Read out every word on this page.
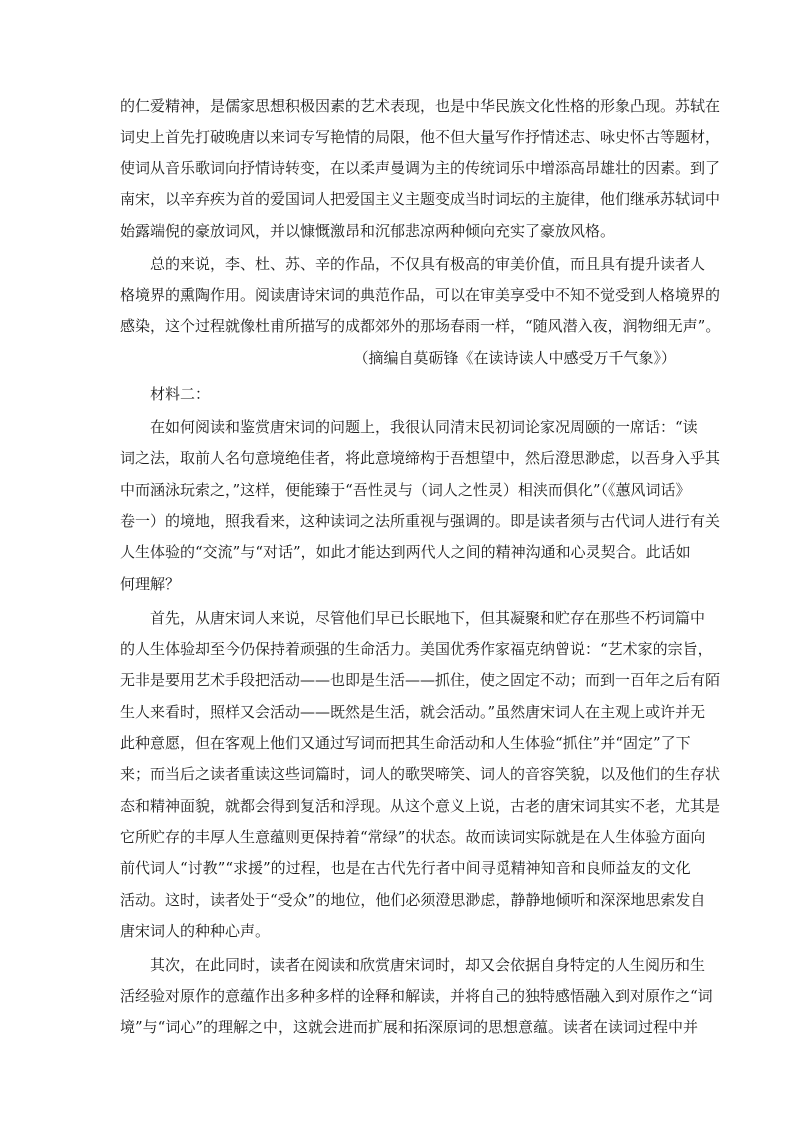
的仁爱精神，是儒家思想积极因素的艺术表现，也是中华民族文化性格的形象凸现。苏轼在
词史上首先打破晚唐以来词专写艳情的局限，他不但大量写作抒情述志、咏史怀古等题材，
使词从音乐歌词向抒情诗转变，在以柔声曼调为主的传统词乐中增添高昂雄壮的因素。到了
南宋，以辛弃疾为首的爱国词人把爱国主义主题变成当时词坛的主旋律，他们继承苏轼词中
始露端倪的豪放词风，并以慷慨激昂和沉郁悲凉两种倾向充实了豪放风格。
总的来说，李、杜、苏、辛的作品，不仅具有极高的审美价值，而且具有提升读者人
格境界的熏陶作用。阅读唐诗宋词的典范作品，可以在审美享受中不知不觉受到人格境界的
感染，这个过程就像杜甫所描写的成都郊外的那场春雨一样，“随风潜入夜，润物细无声”。
（摘编自莫砺锋《在读诗读人中感受万千气象》）
材料二：
在如何阅读和鉴赏唐宋词的问题上，我很认同清末民初词论家况周颐的一席话：“读
词之法，取前人名句意境绝佳者，将此意境缔构于吾想望中，然后澄思渺虑，以吾身入乎其
中而涵泳玩索之，”这样，便能臻于“吾性灵与（词人之性灵）相浃而俱化”（《蕙风词话》
卷一）的境地，照我看来，这种读词之法所重视与强调的。即是读者须与古代词人进行有关
人生体验的“交流”与“对话”，如此才能达到两代人之间的精神沟通和心灵契合。此话如
何理解？
首先，从唐宋词人来说，尽管他们早已长眠地下，但其凝聚和贮存在那些不朽词篇中
的人生体验却至今仍保持着顽强的生命活力。美国优秀作家福克纳曾说：“艺术家的宗旨，
无非是要用艺术手段把活动——也即是生活——抓住，使之固定不动；而到一百年之后有陌
生人来看时，照样又会活动——既然是生活，就会活动。”虽然唐宋词人在主观上或许并无
此种意愿，但在客观上他们又通过写词而把其生命活动和人生体验“抓住”并“固定”了下
来；而当后之读者重读这些词篇时，词人的歌哭啼笑、词人的音容笑貌，以及他们的生存状
态和精神面貌，就都会得到复活和浮现。从这个意义上说，古老的唐宋词其实不老，尤其是
它所贮存的丰厚人生意蕴则更保持着“常绿”的状态。故而读词实际就是在人生体验方面向
前代词人“讨教”“求援”的过程，也是在古代先行者中间寻觅精神知音和良师益友的文化
活动。这时，读者处于“受众”的地位，他们必须澄思渺虑，静静地倾听和深深地思索发自
唐宋词人的种种心声。
其次，在此同时，读者在阅读和欣赏唐宋词时，却又会依据自身特定的人生阅历和生
活经验对原作的意蕴作出多种多样的诠释和解读，并将自己的独特感悟融入到对原作之“词
境”与“词心”的理解之中，这就会进而扩展和拓深原词的思想意蕴。读者在读词过程中并
